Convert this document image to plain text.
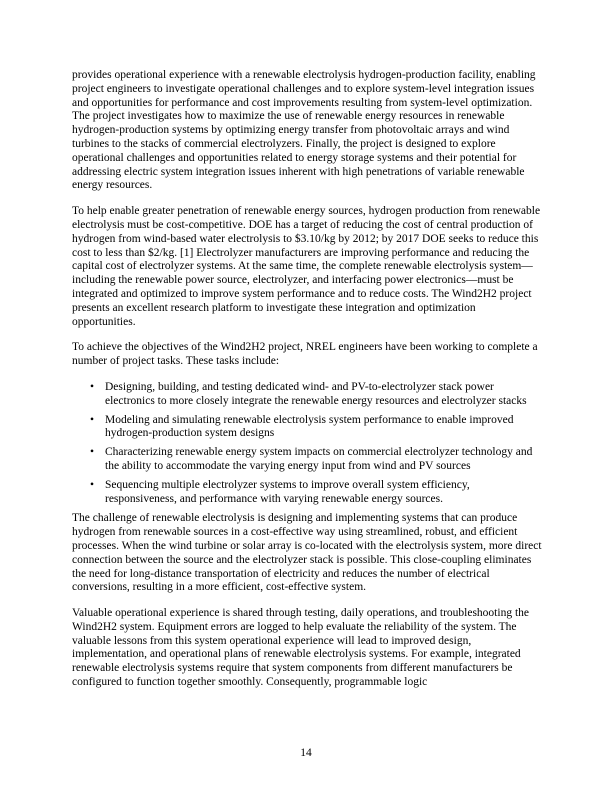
provides operational experience with a renewable electrolysis hydrogen-production facility, enabling project engineers to investigate operational challenges and to explore system-level integration issues and opportunities for performance and cost improvements resulting from system-level optimization. The project investigates how to maximize the use of renewable energy resources in renewable hydrogen-production systems by optimizing energy transfer from photovoltaic arrays and wind turbines to the stacks of commercial electrolyzers. Finally, the project is designed to explore operational challenges and opportunities related to energy storage systems and their potential for addressing electric system integration issues inherent with high penetrations of variable renewable energy resources.

To help enable greater penetration of renewable energy sources, hydrogen production from renewable electrolysis must be cost-competitive. DOE has a target of reducing the cost of central production of hydrogen from wind-based water electrolysis to $3.10/kg by 2012; by 2017 DOE seeks to reduce this cost to less than $2/kg. [1] Electrolyzer manufacturers are improving performance and reducing the capital cost of electrolyzer systems. At the same time, the complete renewable electrolysis system—including the renewable power source, electrolyzer, and interfacing power electronics—must be integrated and optimized to improve system performance and to reduce costs. The Wind2H2 project presents an excellent research platform to investigate these integration and optimization opportunities.

To achieve the objectives of the Wind2H2 project, NREL engineers have been working to complete a number of project tasks. These tasks include:

• Designing, building, and testing dedicated wind- and PV-to-electrolyzer stack power electronics to more closely integrate the renewable energy resources and electrolyzer stacks
• Modeling and simulating renewable electrolysis system performance to enable improved hydrogen-production system designs
• Characterizing renewable energy system impacts on commercial electrolyzer technology and the ability to accommodate the varying energy input from wind and PV sources
• Sequencing multiple electrolyzer systems to improve overall system efficiency, responsiveness, and performance with varying renewable energy sources.

The challenge of renewable electrolysis is designing and implementing systems that can produce hydrogen from renewable sources in a cost-effective way using streamlined, robust, and efficient processes. When the wind turbine or solar array is co-located with the electrolysis system, more direct connection between the source and the electrolyzer stack is possible. This close-coupling eliminates the need for long-distance transportation of electricity and reduces the number of electrical conversions, resulting in a more efficient, cost-effective system.

Valuable operational experience is shared through testing, daily operations, and troubleshooting the Wind2H2 system. Equipment errors are logged to help evaluate the reliability of the system. The valuable lessons from this system operational experience will lead to improved design, implementation, and operational plans of renewable electrolysis systems. For example, integrated renewable electrolysis systems require that system components from different manufacturers be configured to function together smoothly. Consequently, programmable logic

14
